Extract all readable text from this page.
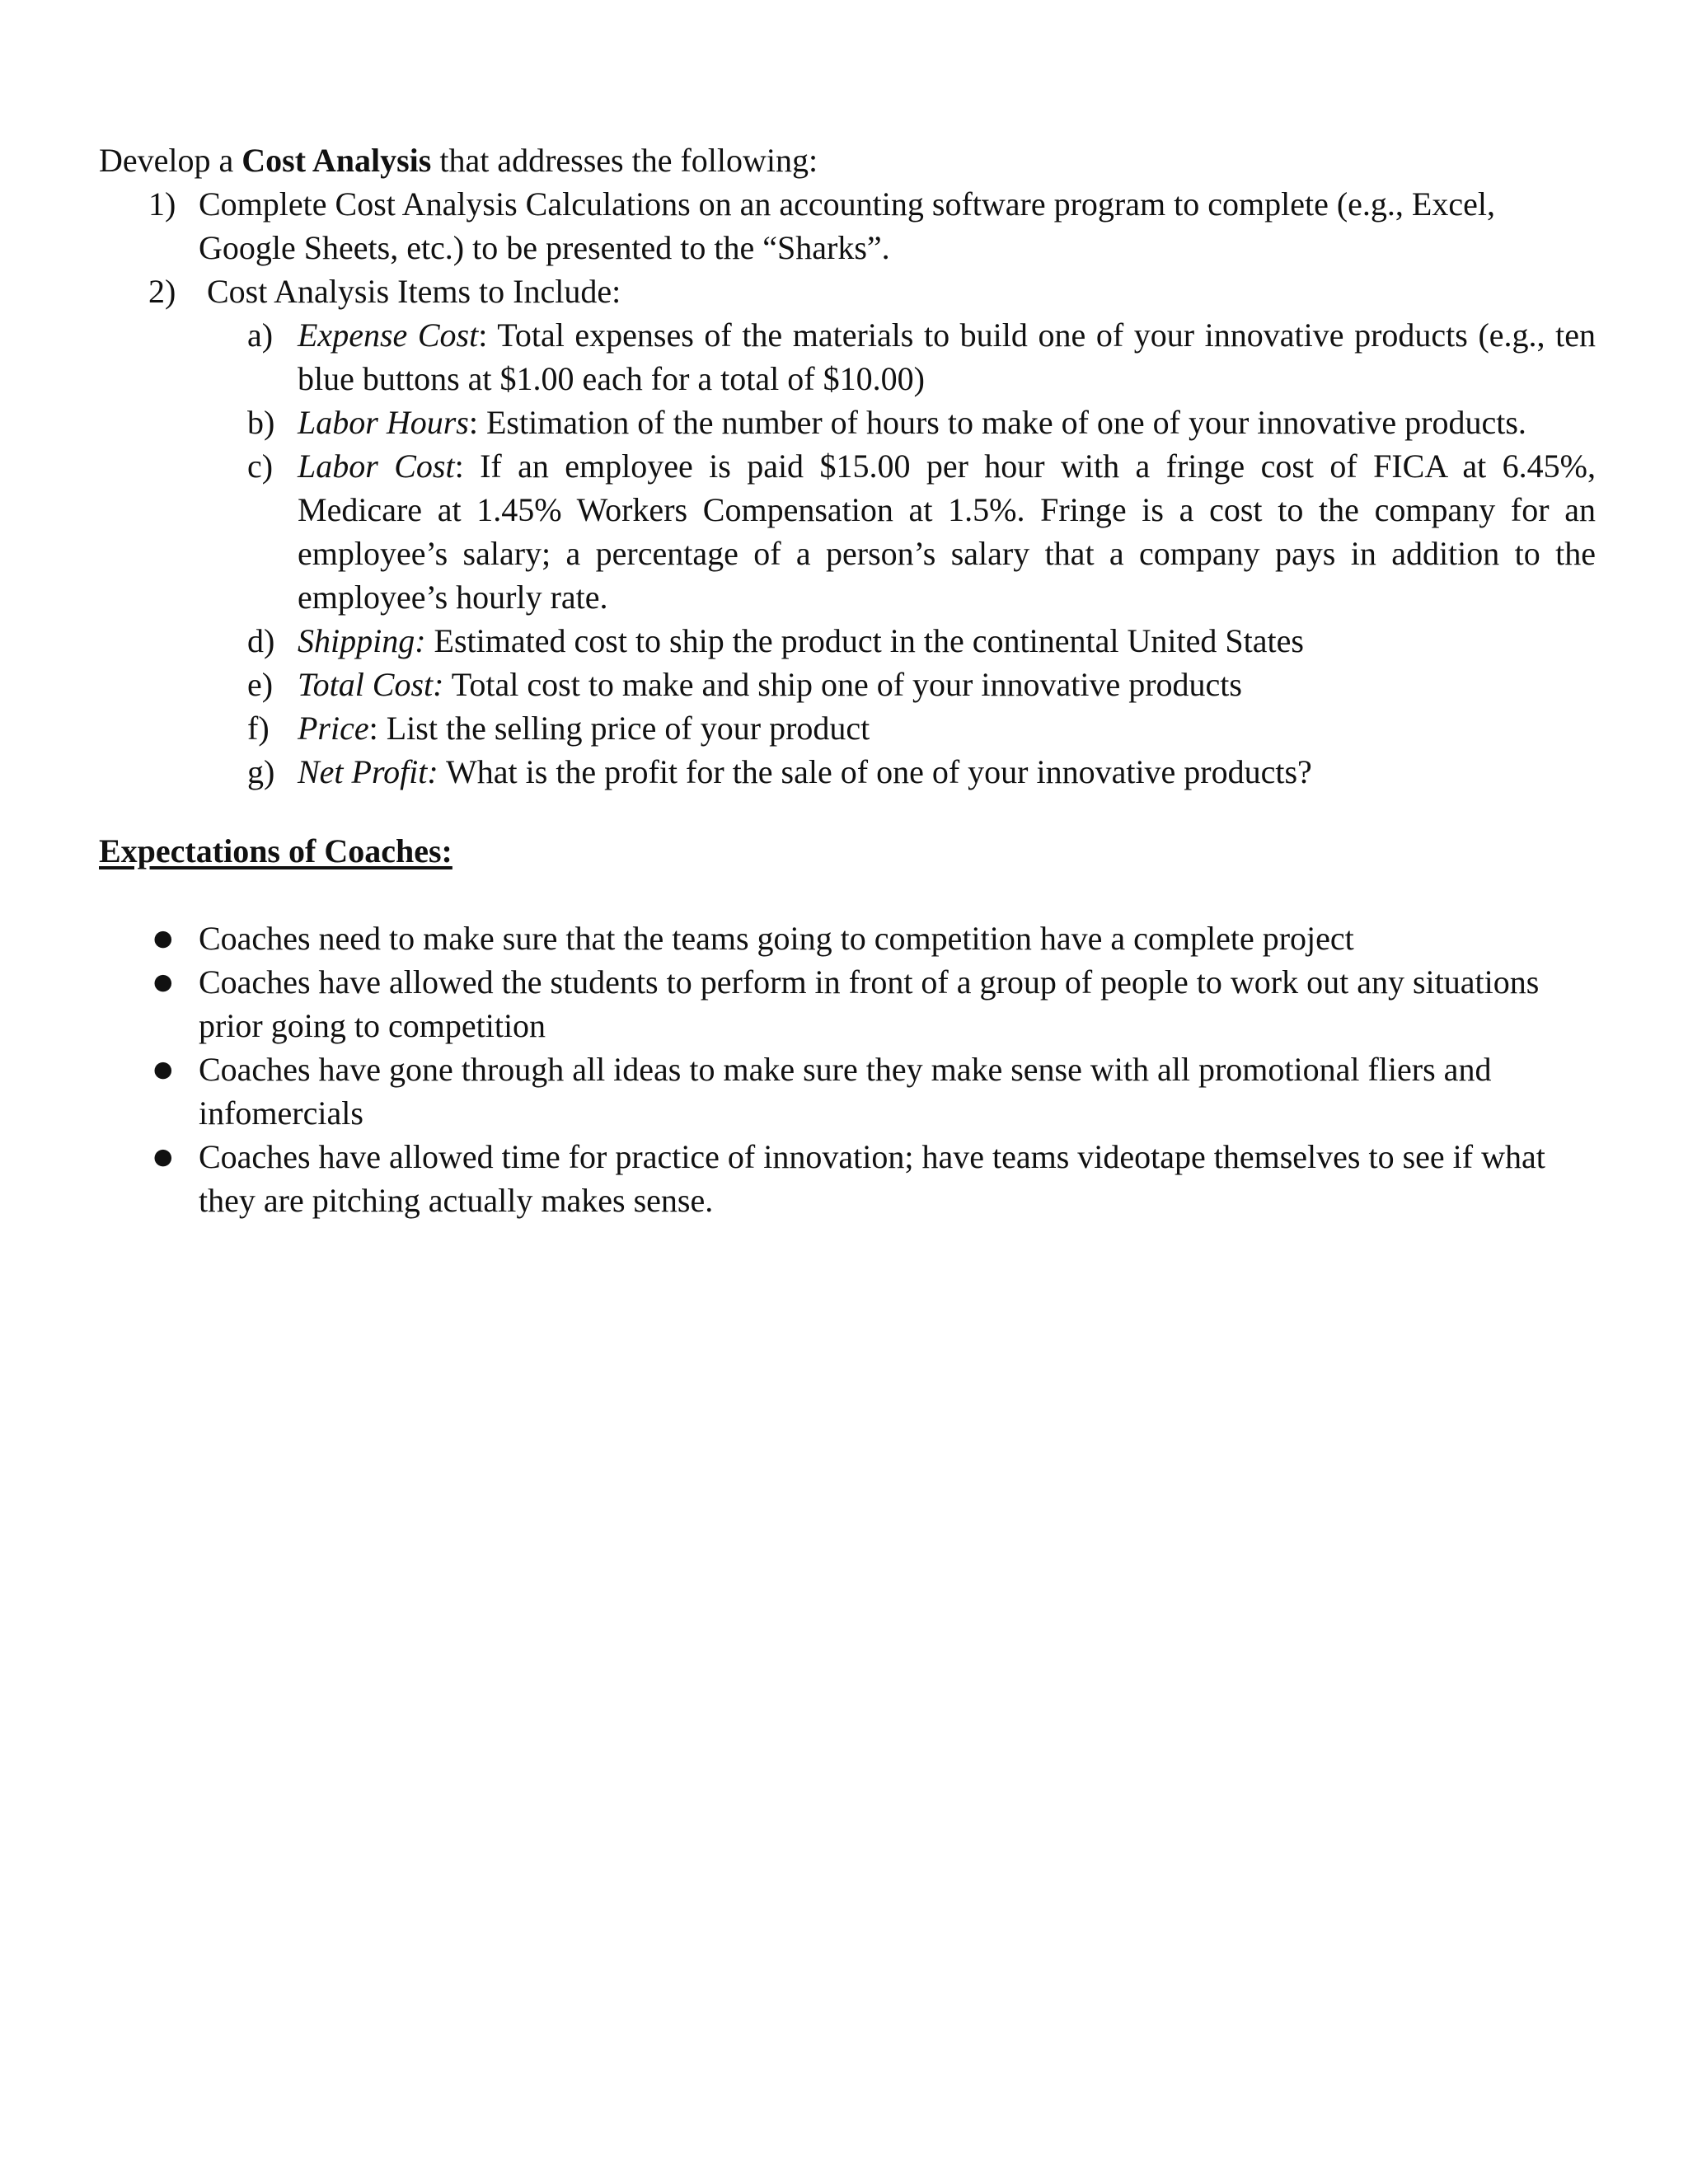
Develop a Cost Analysis that addresses the following:

1) Complete Cost Analysis Calculations on an accounting software program to complete (e.g., Excel, Google Sheets, etc.) to be presented to the “Sharks”.
2) Cost Analysis Items to Include:
a) Expense Cost: Total expenses of the materials to build one of your innovative products (e.g., ten blue buttons at $1.00 each for a total of $10.00)
b) Labor Hours: Estimation of the number of hours to make of one of your innovative products.
c) Labor Cost: If an employee is paid $15.00 per hour with a fringe cost of FICA at 6.45%, Medicare at 1.45% Workers Compensation at 1.5%. Fringe is a cost to the company for an employee’s salary; a percentage of a person’s salary that a company pays in addition to the employee’s hourly rate.
d) Shipping: Estimated cost to ship the product in the continental United States
e) Total Cost: Total cost to make and ship one of your innovative products
f) Price: List the selling price of your product
g) Net Profit: What is the profit for the sale of one of your innovative products?

Expectations of Coaches:

● Coaches need to make sure that the teams going to competition have a complete project
● Coaches have allowed the students to perform in front of a group of people to work out any situations prior going to competition
● Coaches have gone through all ideas to make sure they make sense with all promotional fliers and infomercials
● Coaches have allowed time for practice of innovation; have teams videotape themselves to see if what they are pitching actually makes sense.
